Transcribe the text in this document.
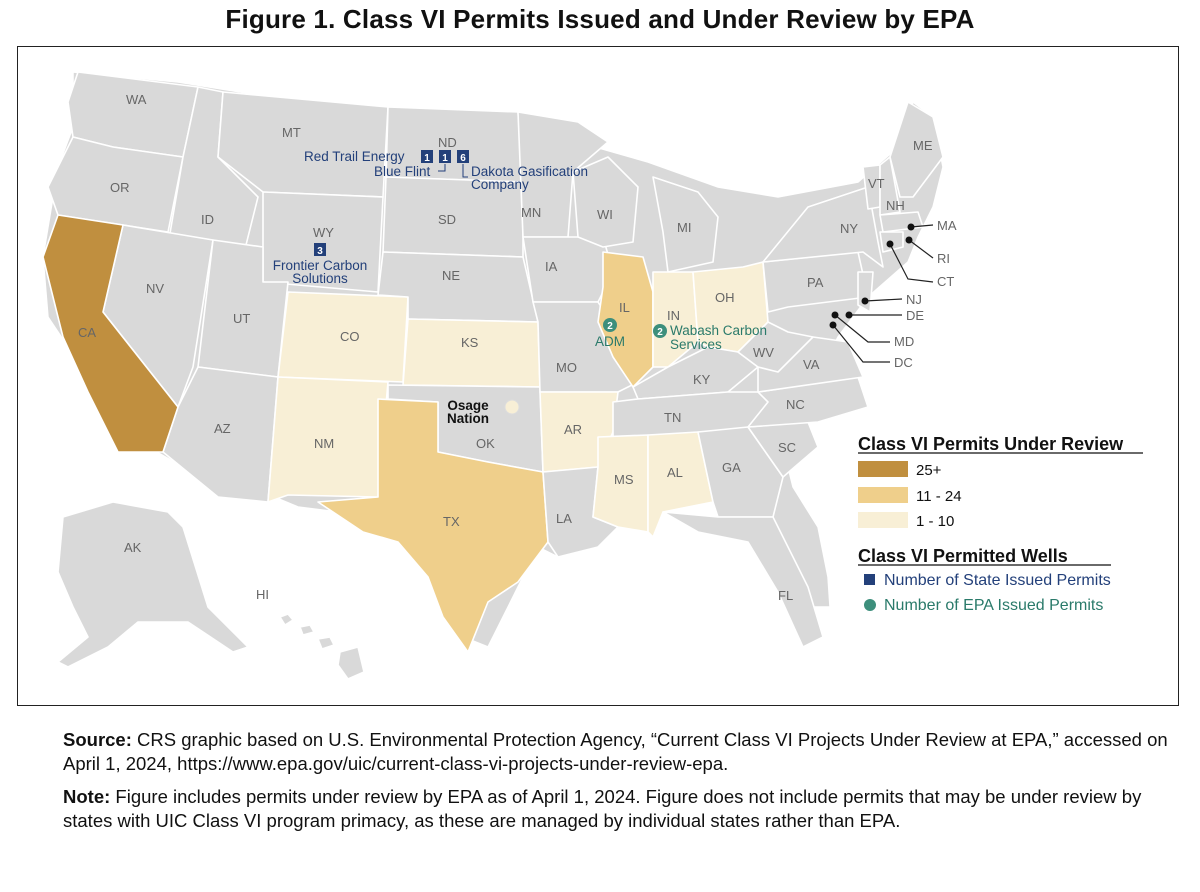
Figure 1. Class VI Permits Issued and Under Review by EPA
WA
OR
CA
ID
NV
MT
WY
UT
AZ
CO
NM
ND
SD
NE
KS
OK
TX
MN
IA
MO
AR
LA
WI
IL
MI
IN
OH
KY
TN
MS	AL	GA
FL
SC
NC
VA
WV
PA
NY
VT
NH
ME
MA
RI
CT
NJ
DE
MD
DC
AK
HI
Red Trail Energy 1 1 6
Blue Flint	Dakota Gasification
Company
3
Frontier Carbon
Solutions
2
ADM
2 Wabash Carbon
Services
Osage
Nation
Class VI Permits Under Review
25+
11 - 24
1 - 10
Class VI Permitted Wells
Number of State Issued Permits
Number of EPA Issued Permits

Source: CRS graphic based on U.S. Environmental Protection Agency, “Current Class VI Projects Under Review at EPA,” accessed on April 1, 2024, https://www.epa.gov/uic/current-class-vi-projects-under-review-epa.

Note: Figure includes permits under review by EPA as of April 1, 2024. Figure does not include permits that may be under review by states with UIC Class VI program primacy, as these are managed by individual states rather than EPA.
